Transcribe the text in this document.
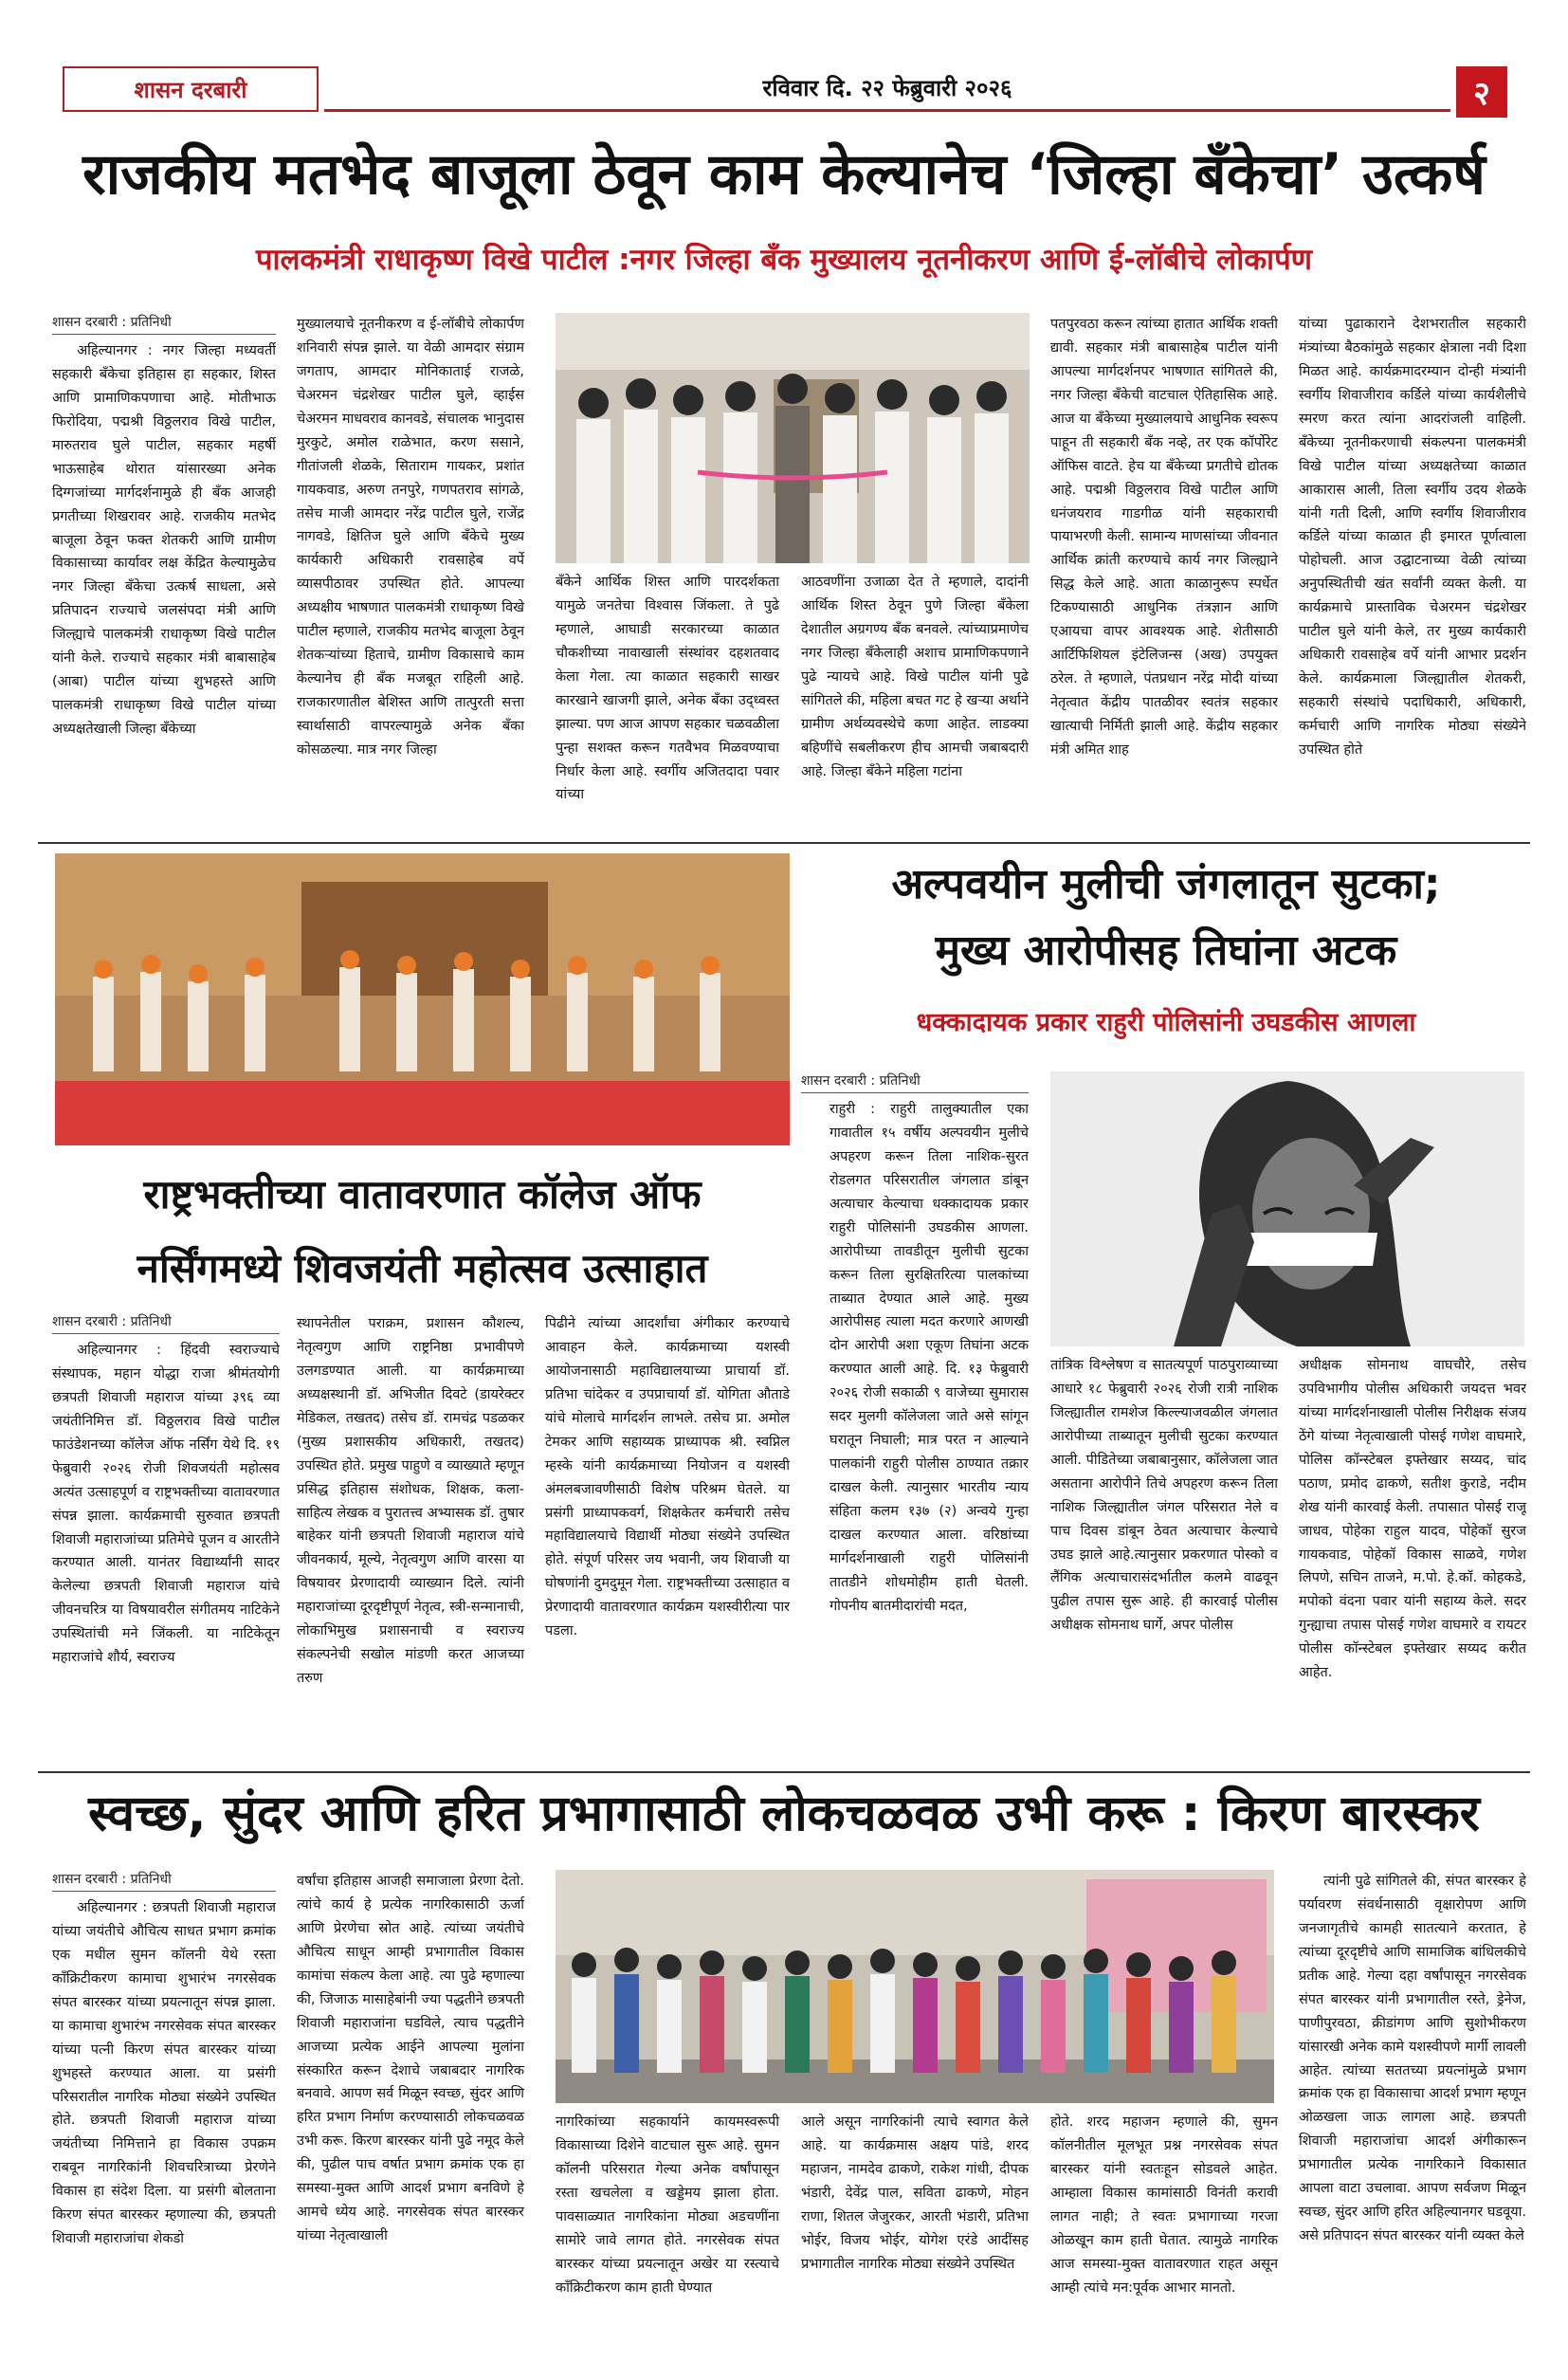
शासन दरबारी	रविवार दि. २२ फेब्रुवारी २०२६	२
राजकीय मतभेद बाजूला ठेवून काम केल्यानेच ‘जिल्हा बँकेचा’ उत्कर्ष
पालकमंत्री राधाकृष्ण विखे पाटील :नगर जिल्हा बँक मुख्यालय नूतनीकरण आणि ई-लॉबीचे लोकार्पण
शासन दरबारी : प्रतिनिधी

अहिल्यानगर : नगर जिल्हा मध्यवर्ती सहकारी बँकेचा इतिहास हा सहकार, शिस्त आणि प्रामाणिकपणाचा आहे. मोतीभाऊ फिरोदिया, पद्मश्री विठ्ठलराव विखे पाटील, मारुतराव घुले पाटील, सहकार महर्षी भाऊसाहेब थोरात यांसारख्या अनेक दिग्गजांच्या मार्गदर्शनामुळे ही बँक आजही प्रगतीच्या शिखरावर आहे. राजकीय मतभेद बाजूला ठेवून फक्त शेतकरी आणि ग्रामीण विकासाच्या कार्यावर लक्ष केंद्रित केल्यामुळेच नगर जिल्हा बँकेचा उत्कर्ष साधला, असे प्रतिपादन राज्याचे जलसंपदा मंत्री आणि जिल्ह्याचे पालकमंत्री राधाकृष्ण विखे पाटील यांनी केले. राज्याचे सहकार मंत्री बाबासाहेब (आबा) पाटील यांच्या शुभहस्ते आणि पालकमंत्री राधाकृष्ण विखे पाटील यांच्या अध्यक्षतेखाली जिल्हा बँकेच्या

मुख्यालयाचे नूतनीकरण व ई-लॉबीचे लोकार्पण शनिवारी संपन्न झाले. या वेळी आमदार संग्राम जगताप, आमदार मोनिकाताई राजळे, चेअरमन चंद्रशेखर पाटील घुले, व्हाईस चेअरमन माधवराव कानवडे, संचालक भानुदास मुरकुटे, अमोल राळेभात, करण ससाने, गीतांजली शेळके, सिताराम गायकर, प्रशांत गायकवाड, अरुण तनपुरे, गणपतराव सांगळे, तसेच माजी आमदार नरेंद्र पाटील घुले, राजेंद्र नागवडे, क्षितिज घुले आणि बँकेचे मुख्य कार्यकारी अधिकारी रावसाहेब वर्पे व्यासपीठावर उपस्थित होते. आपल्या अध्यक्षीय भाषणात पालकमंत्री राधाकृष्ण विखे पाटील म्हणाले, राजकीय मतभेद बाजूला ठेवून शेतकऱ्यांच्या हिताचे, ग्रामीण विकासाचे काम केल्यानेच ही बँक मजबूत राहिली आहे. राजकारणातील बेशिस्त आणि तात्पुरती सत्ता स्वार्थासाठी वापरल्यामुळे अनेक बँका कोसळल्या. मात्र नगर जिल्हा

बँकेने आर्थिक शिस्त आणि पारदर्शकता यामुळे जनतेचा विश्वास जिंकला. ते पुढे म्हणाले, आघाडी सरकारच्या काळात चौकशीच्या नावाखाली संस्थांवर दहशतवाद केला गेला. त्या काळात सहकारी साखर कारखाने खाजगी झाले, अनेक बँका उद्ध्वस्त झाल्या. पण आज आपण सहकार चळवळीला पुन्हा सशक्त करून गतवैभव मिळवण्याचा निर्धार केला आहे. स्वर्गीय अजितदादा पवार यांच्या

आठवणींना उजाळा देत ते म्हणाले, दादांनी आर्थिक शिस्त ठेवून पुणे जिल्हा बँकेला देशातील अग्रगण्य बँक बनवले. त्यांच्याप्रमाणेच नगर जिल्हा बँकेलाही अशाच प्रामाणिकपणाने पुढे न्यायचे आहे. विखे पाटील यांनी पुढे सांगितले की, महिला बचत गट हे खऱ्या अर्थाने ग्रामीण अर्थव्यवस्थेचे कणा आहेत. लाडक्या बहिणींचे सबलीकरण हीच आमची जबाबदारी आहे. जिल्हा बँकेने महिला गटांना

पतपुरवठा करून त्यांच्या हातात आर्थिक शक्ती द्यावी. सहकार मंत्री बाबासाहेब पाटील यांनी आपल्या मार्गदर्शनपर भाषणात सांगितले की, नगर जिल्हा बँकेची वाटचाल ऐतिहासिक आहे. आज या बँकेच्या मुख्यालयाचे आधुनिक स्वरूप पाहून ती सहकारी बँक नव्हे, तर एक कॉर्पोरेट ऑफिस वाटते. हेच या बँकेच्या प्रगतीचे द्योतक आहे. पद्मश्री विठ्ठलराव विखे पाटील आणि धनंजयराव गाडगीळ यांनी सहकाराची पायाभरणी केली. सामान्य माणसांच्या जीवनात आर्थिक क्रांती करण्याचे कार्य नगर जिल्ह्याने सिद्ध केले आहे. आता काळानुरूप स्पर्धेत टिकण्यासाठी आधुनिक तंत्रज्ञान आणि एआयचा वापर आवश्यक आहे. शेतीसाठी आर्टिफिशियल इंटेलिजन्स (अख) उपयुक्त ठरेल. ते म्हणाले, पंतप्रधान नरेंद्र मोदी यांच्या नेतृत्वात केंद्रीय पातळीवर स्वतंत्र सहकार खात्याची निर्मिती झाली आहे. केंद्रीय सहकार मंत्री अमित शाह

यांच्या पुढाकाराने देशभरातील सहकारी मंत्र्यांच्या बैठकांमुळे सहकार क्षेत्राला नवी दिशा मिळत आहे. कार्यक्रमादरम्यान दोन्ही मंत्र्यांनी स्वर्गीय शिवाजीराव कर्डिले यांच्या कार्यशैलीचे स्मरण करत त्यांना आदरांजली वाहिली. बँकेच्या नूतनीकरणाची संकल्पना पालकमंत्री विखे पाटील यांच्या अध्यक्षतेच्या काळात आकारास आली, तिला स्वर्गीय उदय शेळके यांनी गती दिली, आणि स्वर्गीय शिवाजीराव कर्डिले यांच्या काळात ही इमारत पूर्णत्वाला पोहोचली. आज उद्घाटनाच्या वेळी त्यांच्या अनुपस्थितीची खंत सर्वांनी व्यक्त केली. या कार्यक्रमाचे प्रास्ताविक चेअरमन चंद्रशेखर पाटील घुले यांनी केले, तर मुख्य कार्यकारी अधिकारी रावसाहेब वर्पे यांनी आभार प्रदर्शन केले. कार्यक्रमाला जिल्ह्यातील शेतकरी, सहकारी संस्थांचे पदाधिकारी, अधिकारी, कर्मचारी आणि नागरिक मोठ्या संख्येने उपस्थित होते

अल्पवयीन मुलीची जंगलातून सुटका;
मुख्य आरोपीसह तिघांना अटक
धक्कादायक प्रकार राहुरी पोलिसांनी उघडकीस आणला
शासन दरबारी : प्रतिनिधी

राहुरी : राहुरी तालुक्यातील एका गावातील १५ वर्षीय अल्पवयीन मुलीचे अपहरण करून तिला नाशिक-सुरत रोडलगत परिसरातील जंगलात डांबून अत्याचार केल्याचा धक्कादायक प्रकार राहुरी पोलिसांनी उघडकीस आणला. आरोपीच्या तावडीतून मुलीची सुटका करून तिला सुरक्षितरित्या पालकांच्या ताब्यात देण्यात आले आहे. मुख्य आरोपीसह त्याला मदत करणारे आणखी दोन आरोपी अशा एकूण तिघांना अटक करण्यात आली आहे. दि. १३ फेब्रुवारी २०२६ रोजी सकाळी ९ वाजेच्या सुमारास सदर मुलगी कॉलेजला जाते असे सांगून घरातून निघाली; मात्र परत न आल्याने पालकांनी राहुरी पोलीस ठाण्यात तक्रार दाखल केली. त्यानुसार भारतीय न्याय संहिता कलम १३७ (२) अन्वये गुन्हा दाखल करण्यात आला. वरिष्ठांच्या मार्गदर्शनाखाली राहुरी पोलिसांनी तातडीने शोधमोहीम हाती घेतली. गोपनीय बातमीदारांची मदत,

तांत्रिक विश्लेषण व सातत्यपूर्ण पाठपुराव्याच्या आधारे १८ फेब्रुवारी २०२६ रोजी रात्री नाशिक जिल्ह्यातील रामशेज किल्ल्याजवळील जंगलात आरोपीच्या ताब्यातून मुलीची सुटका करण्यात आली. पीडितेच्या जबाबानुसार, कॉलेजला जात असताना आरोपीने तिचे अपहरण करून तिला नाशिक जिल्ह्यातील जंगल परिसरात नेले व पाच दिवस डांबून ठेवत अत्याचार केल्याचे उघड झाले आहे.त्यानुसार प्रकरणात पोस्को व लैंगिक अत्याचारासंदर्भातील कलमे वाढवून पुढील तपास सुरू आहे. ही कारवाई पोलीस अधीक्षक सोमनाथ घार्गे, अपर पोलीस

अधीक्षक सोमनाथ वाघचौरे, तसेच उपविभागीय पोलीस अधिकारी जयदत्त भवर यांच्या मार्गदर्शनाखाली पोलीस निरीक्षक संजय ठेंगे यांच्या नेतृत्वाखाली पोसई गणेश वाघमारे, पोलिस कॉन्स्टेबल इफ्तेखार सय्यद, चांद पठाण, प्रमोद ढाकणे, सतीश कुराडे, नदीम शेख यांनी कारवाई केली. तपासात पोसई राजू जाधव, पोहेका राहुल यादव, पोहेकॉ सुरज गायकवाड, पोहेकॉ विकास साळवे, गणेश लिपणे, सचिन ताजने, म.पो. हे.कॉ. कोहकडे, मपोको वंदना पवार यांनी सहाय्य केले. सदर गुन्ह्याचा तपास पोसई गणेश वाघमारे व रायटर पोलीस कॉन्स्टेबल इफ्तेखार सय्यद करीत आहेत.

राष्ट्रभक्तीच्या वातावरणात कॉलेज ऑफ
नर्सिंगमध्ये शिवजयंती महोत्सव उत्साहात
शासन दरबारी : प्रतिनिधी

अहिल्यानगर : हिंदवी स्वराज्याचे संस्थापक, महान योद्धा राजा श्रीमंतयोगी छत्रपती शिवाजी महाराज यांच्या ३९६ व्या जयंतीनिमित्त डॉ. विठ्ठलराव विखे पाटील फाउंडेशनच्या कॉलेज ऑफ नर्सिंग येथे दि. १९ फेब्रुवारी २०२६ रोजी शिवजयंती महोत्सव अत्यंत उत्साहपूर्ण व राष्ट्रभक्तीच्या वातावरणात संपन्न झाला. कार्यक्रमाची सुरुवात छत्रपती शिवाजी महाराजांच्या प्रतिमेचे पूजन व आरतीने करण्यात आली. यानंतर विद्यार्थ्यांनी सादर केलेल्या छत्रपती शिवाजी महाराज यांचे जीवनचरित्र या विषयावरील संगीतमय नाटिकेने उपस्थितांची मने जिंकली. या नाटिकेतून महाराजांचे शौर्य, स्वराज्य

स्थापनेतील पराक्रम, प्रशासन कौशल्य, नेतृत्वगुण आणि राष्ट्रनिष्ठा प्रभावीपणे उलगडण्यात आली. या कार्यक्रमाच्या अध्यक्षस्थानी डॉ. अभिजीत दिवटे (डायरेक्टर मेडिकल, तखतद) तसेच डॉ. रामचंद्र पडळकर (मुख्य प्रशासकीय अधिकारी, तखतद) उपस्थित होते. प्रमुख पाहुणे व व्याख्याते म्हणून प्रसिद्ध इतिहास संशोधक, शिक्षक, कला-साहित्य लेखक व पुरातत्त्व अभ्यासक डॉ. तुषार बाहेकर यांनी छत्रपती शिवाजी महाराज यांचे जीवनकार्य, मूल्ये, नेतृत्वगुण आणि वारसा या विषयावर प्रेरणादायी व्याख्यान दिले. त्यांनी महाराजांच्या दूरदृष्टीपूर्ण नेतृत्व, स्त्री-सन्मानाची, लोकाभिमुख प्रशासनाची व स्वराज्य संकल्पनेची सखोल मांडणी करत आजच्या तरुण

पिढीने त्यांच्या आदर्शांचा अंगीकार करण्याचे आवाहन केले. कार्यक्रमाच्या यशस्वी आयोजनासाठी महाविद्यालयाच्या प्राचार्या डॉ. प्रतिभा चांदेकर व उपप्राचार्या डॉ. योगिता औताडे यांचे मोलाचे मार्गदर्शन लाभले. तसेच प्रा. अमोल टेमकर आणि सहाय्यक प्राध्यापक श्री. स्वप्निल म्हस्के यांनी कार्यक्रमाच्या नियोजन व यशस्वी अंमलबजावणीसाठी विशेष परिश्रम घेतले. या प्रसंगी प्राध्यापकवर्ग, शिक्षकेतर कर्मचारी तसेच महाविद्यालयाचे विद्यार्थी मोठ्या संख्येने उपस्थित होते. संपूर्ण परिसर जय भवानी, जय शिवाजी या घोषणांनी दुमदुमून गेला. राष्ट्रभक्तीच्या उत्साहात व प्रेरणादायी वातावरणात कार्यक्रम यशस्वीरीत्या पार पडला.

स्वच्छ, सुंदर आणि हरित प्रभागासाठी लोकचळवळ उभी करू : किरण बारस्कर
शासन दरबारी : प्रतिनिधी

अहिल्यानगर : छत्रपती शिवाजी महाराज यांच्या जयंतीचे औचित्य साधत प्रभाग क्रमांक एक मधील सुमन कॉलनी येथे रस्ता कॉंक्रिटीकरण कामाचा शुभारंभ नगरसेवक संपत बारस्कर यांच्या प्रयत्नातून संपन्न झाला. या कामाचा शुभारंभ नगरसेवक संपत बारस्कर यांच्या पत्नी किरण संपत बारस्कर यांच्या शुभहस्ते करण्यात आला. या प्रसंगी परिसरातील नागरिक मोठ्या संख्येने उपस्थित होते. छत्रपती शिवाजी महाराज यांच्या जयंतीच्या निमित्ताने हा विकास उपक्रम राबवून नागरिकांनी शिवचरित्राच्या प्रेरणेने विकास हा संदेश दिला. या प्रसंगी बोलताना किरण संपत बारस्कर म्हणाल्या की, छत्रपती शिवाजी महाराजांचा शेकडो

वर्षांचा इतिहास आजही समाजाला प्रेरणा देतो. त्यांचे कार्य हे प्रत्येक नागरिकासाठी ऊर्जा आणि प्रेरणेचा स्रोत आहे. त्यांच्या जयंतीचे औचित्य साधून आम्ही प्रभागातील विकास कामांचा संकल्प केला आहे. त्या पुढे म्हणाल्या की, जिजाऊ मासाहेबांनी ज्या पद्धतीने छत्रपती शिवाजी महाराजांना घडविले, त्याच पद्धतीने आजच्या प्रत्येक आईने आपल्या मुलांना संस्कारित करून देशाचे जबाबदार नागरिक बनवावे. आपण सर्व मिळून स्वच्छ, सुंदर आणि हरित प्रभाग निर्माण करण्यासाठी लोकचळवळ उभी करू. किरण बारस्कर यांनी पुढे नमूद केले की, पुढील पाच वर्षात प्रभाग क्रमांक एक हा समस्या-मुक्त आणि आदर्श प्रभाग बनविणे हे आमचे ध्येय आहे. नगरसेवक संपत बारस्कर यांच्या नेतृत्वाखाली

नागरिकांच्या सहकार्याने कायमस्वरूपी विकासाच्या दिशेने वाटचाल सुरू आहे. सुमन कॉलनी परिसरात गेल्या अनेक वर्षांपासून रस्ता खचलेला व खड्डेमय झाला होता. पावसाळ्यात नागरिकांना मोठ्या अडचणींना सामोरे जावे लागत होते. नगरसेवक संपत बारस्कर यांच्या प्रयत्नातून अखेर या रस्त्याचे कॉंक्रिटीकरण काम हाती घेण्यात

आले असून नागरिकांनी त्याचे स्वागत केले आहे. या कार्यक्रमास अक्षय पांडे, शरद महाजन, नामदेव ढाकणे, राकेश गांधी, दीपक भंडारी, देवेंद्र पाल, सविता ढाकणे, मोहन राणा, शितल जेजुरकर, आरती भंडारी, प्रतिभा भोईर, विजय भोईर, योगेश एरंडे आदींसह प्रभागातील नागरिक मोठ्या संख्येने उपस्थित

होते. शरद महाजन म्हणाले की, सुमन कॉलनीतील मूलभूत प्रश्न नगरसेवक संपत बारस्कर यांनी स्वतःहून सोडवले आहेत. आम्हाला विकास कामांसाठी विनंती करावी लागत नाही; ते स्वतः प्रभागाच्या गरजा ओळखून काम हाती घेतात. त्यामुळे नागरिक आज समस्या-मुक्त वातावरणात राहत असून आम्ही त्यांचे मन:पूर्वक आभार मानतो.

त्यांनी पुढे सांगितले की, संपत बारस्कर हे पर्यावरण संवर्धनासाठी वृक्षारोपण आणि जनजागृतीचे कामही सातत्याने करतात, हे त्यांच्या दूरदृष्टीचे आणि सामाजिक बांधिलकीचे प्रतीक आहे. गेल्या दहा वर्षांपासून नगरसेवक संपत बारस्कर यांनी प्रभागातील रस्ते, ड्रेनेज, पाणीपुरवठा, क्रीडांगण आणि सुशोभीकरण यांसारखी अनेक कामे यशस्वीपणे मार्गी लावली आहेत. त्यांच्या सततच्या प्रयत्नांमुळे प्रभाग क्रमांक एक हा विकासाचा आदर्श प्रभाग म्हणून ओळखला जाऊ लागला आहे. छत्रपती शिवाजी महाराजांचा आदर्श अंगीकारून प्रभागातील प्रत्येक नागरिकाने विकासात आपला वाटा उचलावा. आपण सर्वजण मिळून स्वच्छ, सुंदर आणि हरित अहिल्यानगर घडवूया. असे प्रतिपादन संपत बारस्कर यांनी व्यक्त केले
